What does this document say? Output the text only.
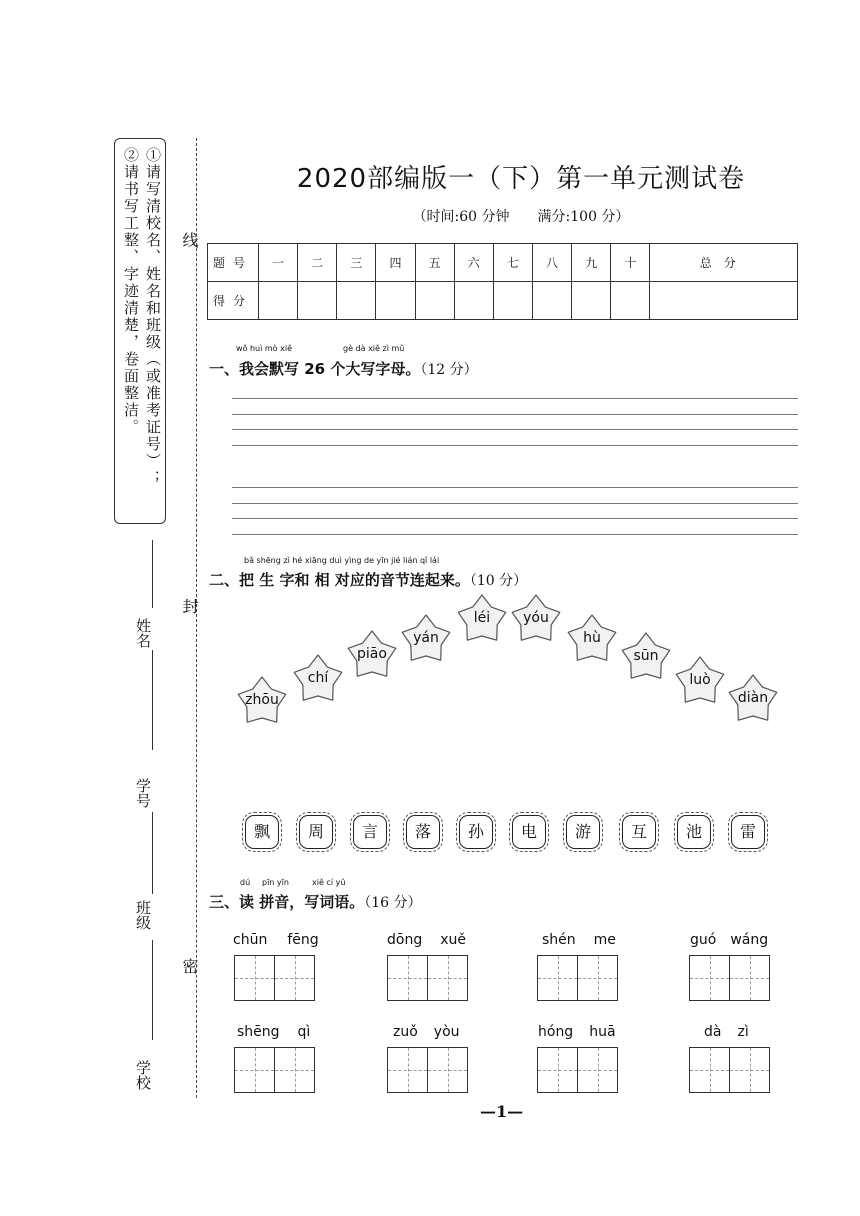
①请写清校名、姓名和班级（或准考证号）；
②请书写工整、字迹清楚，卷面整洁。
姓名
学号
班级
学校
线
封
密
2020部编版一（下）第一单元测试卷
（时间:60 分钟 满分:100 分）
题号	一	二	三	四	五	六	七	八	九	十	总分
得分											
wǒ huì mò xiě	gè dà xiě zì mǔ
一、我会默写 26 个大写字母。（12 分）
bǎ shēng zì hé xiāng duì yìng de yīn jié lián qǐ lái
二、把 生 字和 相 对应的音节连起来。（10 分）
zhōu
chí
piāo
yán
léi	yóu
hù
sūn
luò
diàn
飘	周	言	落	孙	电	游	互	池	雷
dú pīn yīn	xiě cí yǔ
三、读 拼音，写词语。（16 分）
chūn fēng	dōng xuě	shén me	guó wáng
shēng qì	zuǒ yòu	hóng huā	dà zì
—1—
